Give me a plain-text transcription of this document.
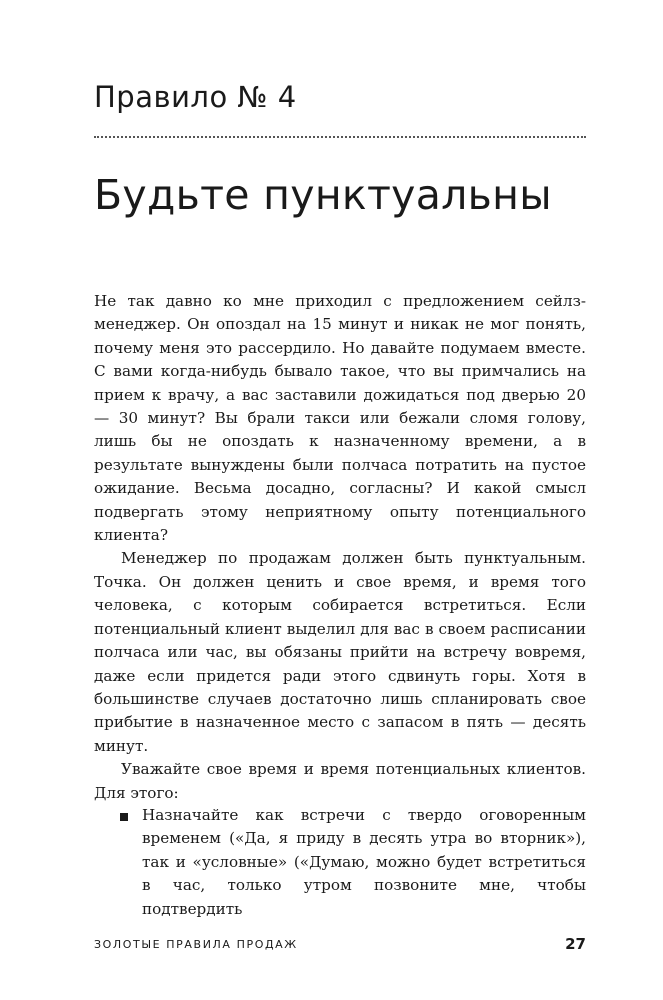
Правило № 4
Будьте пунктуальны

Не так давно ко мне приходил с предложением сейлз-менеджер. Он опоздал на 15 минут и никак не мог понять, почему меня это рассердило. Но давайте подумаем вместе. С вами когда-нибудь бывало такое, что вы примчались на прием к врачу, а вас заставили дожидаться под дверью 20 — 30 минут? Вы брали такси или бежали сломя голову, лишь бы не опоздать к назначенному времени, а в результате вынуждены были полчаса потратить на пустое ожидание. Весьма досадно, согласны? И какой смысл подвергать этому неприятному опыту потенциального клиента?

Менеджер по продажам должен быть пунктуальным. Точка. Он должен ценить и свое время, и время того человека, с которым собирается встретиться. Если потенциальный клиент выделил для вас в своем расписании полчаса или час, вы обязаны прийти на встречу вовремя, даже если придется ради этого сдвинуть горы. Хотя в большинстве случаев достаточно лишь спланировать свое прибытие в назначенное место с запасом в пять — десять минут.

Уважайте свое время и время потенциальных клиентов. Для этого:

Назначайте как встречи с твердо оговоренным временем («Да, я приду в десять утра во вторник»), так и «условные» («Думаю, можно будет встретиться в час, только утром позвоните мне, чтобы подтвердить
ЗОЛОТЫЕ ПРАВИЛА ПРОДАЖ	27
